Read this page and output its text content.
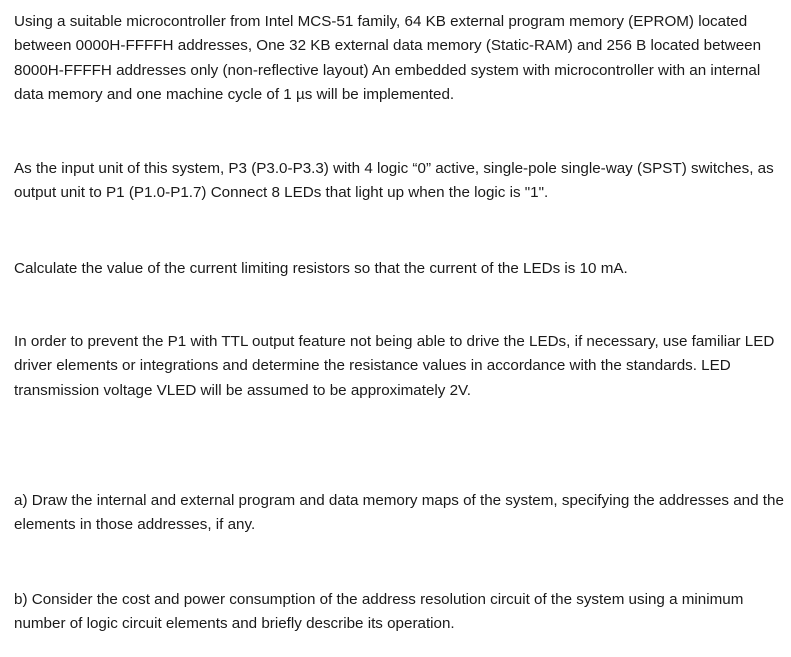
Using a suitable microcontroller from Intel MCS-51 family, 64 KB external program memory (EPROM) located between 0000H-FFFFH addresses, One 32 KB external data memory (Static-RAM) and 256 B located between 8000H-FFFFH addresses only (non-reflective layout) An embedded system with microcontroller with an internal data memory and one machine cycle of 1 µs will be implemented.

As the input unit of this system, P3 (P3.0-P3.3) with 4 logic “0” active, single-pole single-way (SPST) switches, as output unit to P1 (P1.0-P1.7) Connect 8 LEDs that light up when the logic is "1".

Calculate the value of the current limiting resistors so that the current of the LEDs is 10 mA.

In order to prevent the P1 with TTL output feature not being able to drive the LEDs, if necessary, use familiar LED driver elements or integrations and determine the resistance values in accordance with the standards. LED transmission voltage VLED will be assumed to be approximately 2V.

a) Draw the internal and external program and data memory maps of the system, specifying the addresses and the elements in those addresses, if any.

b) Consider the cost and power consumption of the address resolution circuit of the system using a minimum number of logic circuit elements and briefly describe its operation.
